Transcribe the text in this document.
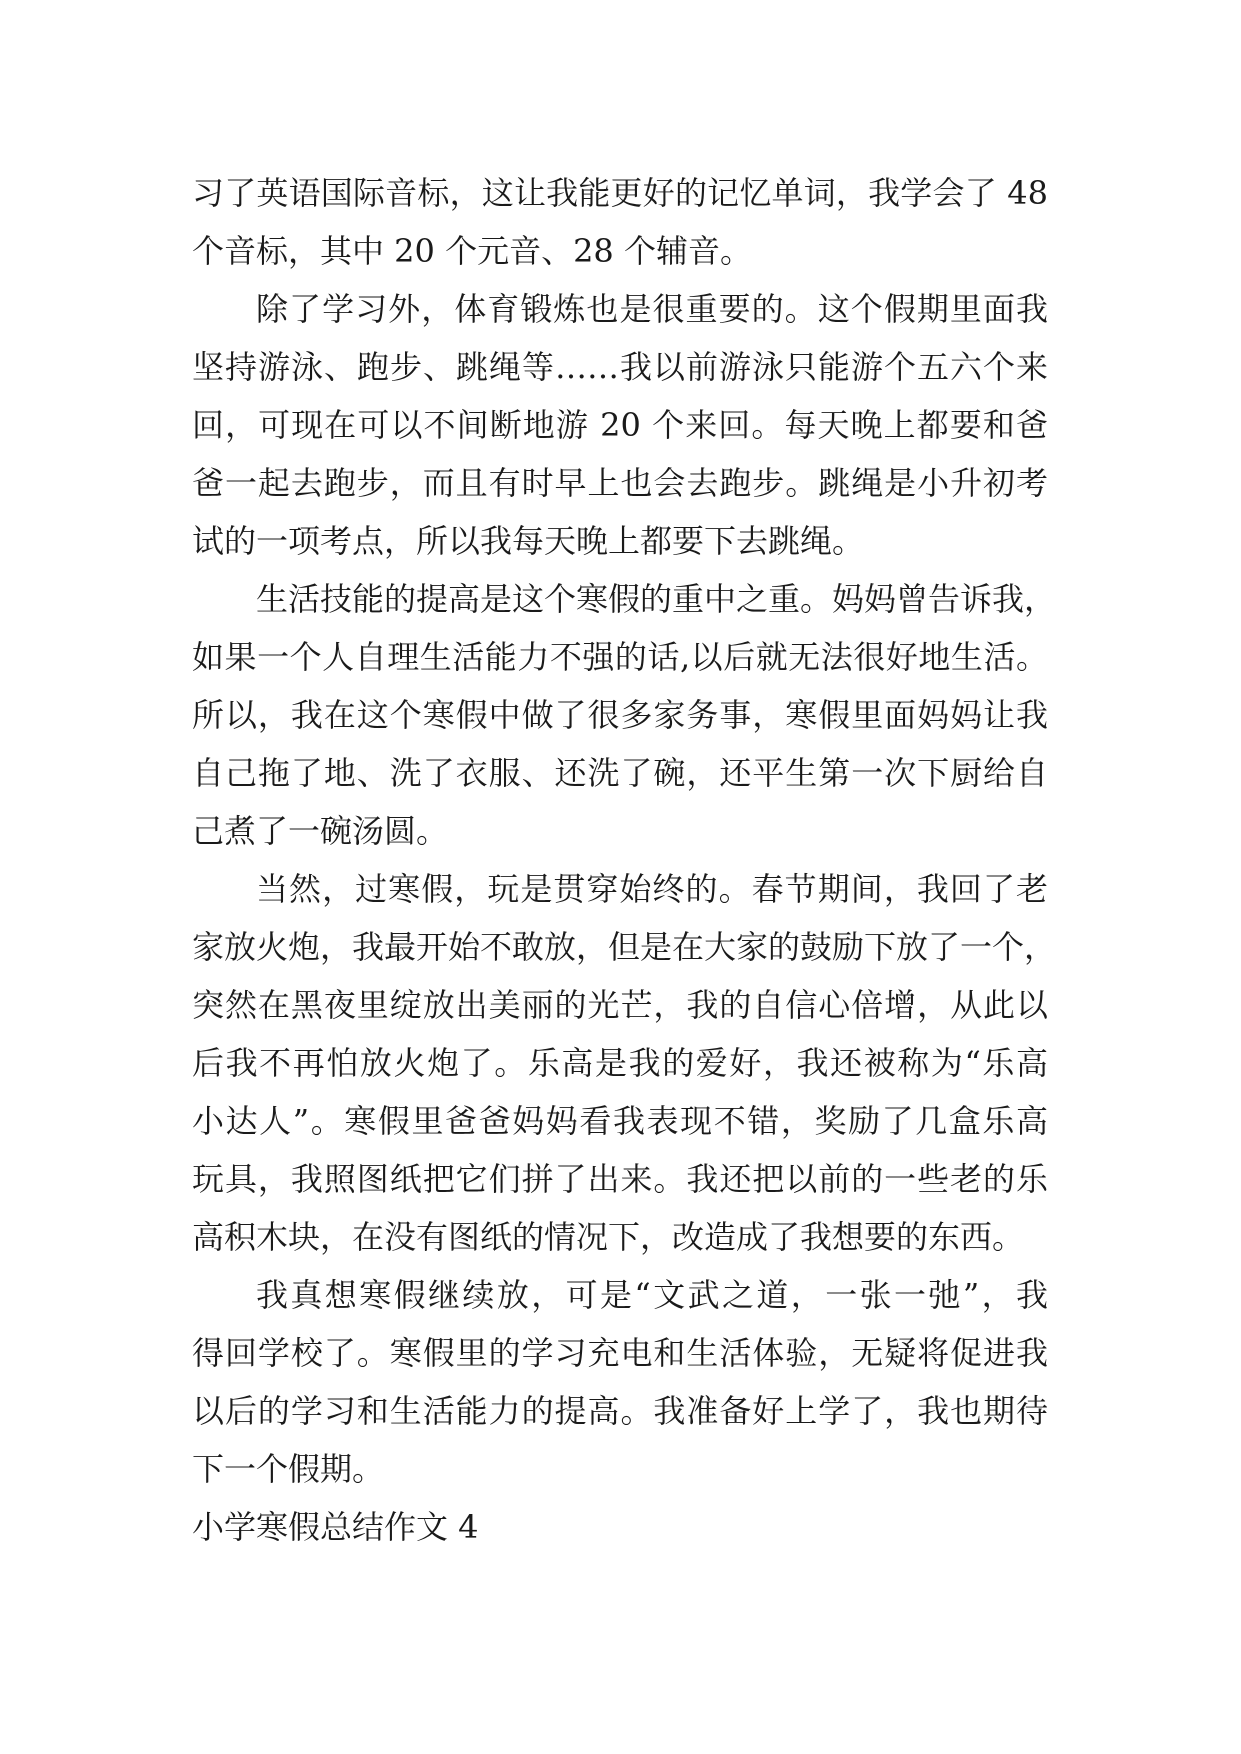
习了英语国际音标，这让我能更好的记忆单词，我学会了 48
个音标，其中 20 个元音、28 个辅音。
除了学习外，体育锻炼也是很重要的。这个假期里面我
坚持游泳、跑步、跳绳等……我以前游泳只能游个五六个来
回，可现在可以不间断地游 20 个来回。每天晚上都要和爸
爸一起去跑步，而且有时早上也会去跑步。跳绳是小升初考
试的一项考点，所以我每天晚上都要下去跳绳。
生活技能的提高是这个寒假的重中之重。妈妈曾告诉我，
如果一个人自理生活能力不强的话,以后就无法很好地生活。
所以，我在这个寒假中做了很多家务事，寒假里面妈妈让我
自己拖了地、洗了衣服、还洗了碗，还平生第一次下厨给自
己煮了一碗汤圆。
当然，过寒假，玩是贯穿始终的。春节期间，我回了老
家放火炮，我最开始不敢放，但是在大家的鼓励下放了一个，
突然在黑夜里绽放出美丽的光芒，我的自信心倍增，从此以
后我不再怕放火炮了。乐高是我的爱好，我还被称为“乐高
小达人”。寒假里爸爸妈妈看我表现不错，奖励了几盒乐高
玩具，我照图纸把它们拼了出来。我还把以前的一些老的乐
高积木块，在没有图纸的情况下，改造成了我想要的东西。
我真想寒假继续放，可是“文武之道，一张一弛”，我
得回学校了。寒假里的学习充电和生活体验，无疑将促进我
以后的学习和生活能力的提高。我准备好上学了，我也期待
下一个假期。
小学寒假总结作文 4
